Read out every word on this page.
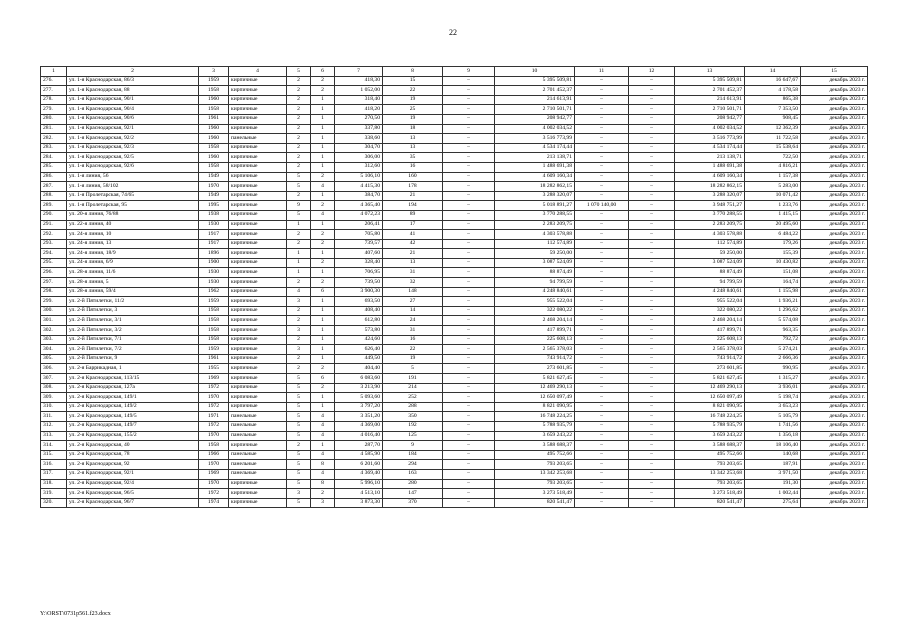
22
1	2	3	4	5	6	7	8	9	10	11	12	13	14	15
276.	ул. 1-я Краснодарская, 86/3	1959	кирпичные	2	2	418,30	15	–	5 395 509,81	–	–	5 395 509,81	16 647,67	декабрь 2023 г.
277.	ул. 1-я Краснодарская, 88	1958	кирпичные	2	2	1 052,00	22	–	2 701 452,37	–	–	2 701 452,37	4 178,58	декабрь 2023 г.
278.	ул. 1-я Краснодарская, 90/1	1960	кирпичные	2	1	318,40	19	–	214 613,91	–	–	214 613,91	865,38	декабрь 2023 г.
279.	ул. 1-я Краснодарская, 90/4	1958	кирпичные	2	1	418,20	25	–	2 710 501,71	–	–	2 710 501,71	7 353,50	декабрь 2023 г.
280.	ул. 1-я Краснодарская, 90/6	1961	кирпичные	2	1	270,50	19	–	208 942,77	–	–	208 942,77	908,45	декабрь 2023 г.
281.	ул. 1-я Краснодарская, 92/1	1960	кирпичные	2	1	337,80	18	–	4 002 034,52	–	–	4 002 034,52	12 362,39	декабрь 2023 г.
282.	ул. 1-я Краснодарская, 92/2	1960	панельные	2	1	338,60	13	–	3 516 773,99	–	–	3 516 773,99	11 722,58	декабрь 2023 г.
283.	ул. 1-я Краснодарская, 92/3	1958	кирпичные	2	1	304,70	13	–	4 534 174,44	–	–	4 534 174,44	15 538,64	декабрь 2023 г.
284.	ул. 1-я Краснодарская, 92/5	1960	кирпичные	2	1	306,00	35	–	213 138,71	–	–	213 138,71	722,50	декабрь 2023 г.
285.	ул. 1-я Краснодарская, 92/6	1958	кирпичные	2	1	312,60	16	–	1 488 691,38	–	–	1 488 691,38	4 816,21	декабрь 2023 г.
286.	ул. 1-я линия, 56	1949	кирпичные	5	2	5 106,10	160	–	4 609 160,34	–	–	4 609 160,34	1 157,38	декабрь 2023 г.
287.	ул. 1-я линия, 58/102	1970	кирпичные	5	4	4 415,30	178	–	18 282 862,15	–	–	18 282 862,15	5 283,00	декабрь 2023 г.
288.	ул. 1-я Пролетарская, 74/65	1949	кирпичные	2	1	384,70	21	–	3 288 320,07	–	–	3 288 320,07	10 071,42	декабрь 2023 г.
289.	ул. 1-я Пролетарская, 95	1995	кирпичные	9	2	4 365,40	194	–	5 018 891,27	1 070 140,00	–	3 948 751,27	1 233,76	декабрь 2023 г.
290.	ул. 20-я линия, 76/88	1938	кирпичные	5	4	4 072,23	89	–	3 770 288,55	–	–	3 770 288,55	1 415,15	декабрь 2023 г.
291.	ул. 22-я линия, 40	1930	кирпичные	1	1	206,41	17	–	2 283 209,75	–	–	2 283 209,75	20 495,60	декабрь 2023 г.
292.	ул. 24-я линия, 10	1917	кирпичные	2	2	705,80	41	–	4 303 578,88	–	–	4 303 578,88	6 484,22	декабрь 2023 г.
293.	ул. 24-я линия, 13	1917	кирпичные	2	2	739,57	42	–	112 574,89	–	–	112 574,89	179,26	декабрь 2023 г.
294.	ул. 24-я линия, 18/9	1896	кирпичные	1	1	407,60	21	–	59 250,00	–	–	59 250,00	155,39	декабрь 2023 г.
295.	ул. 24-я линия, 6/9	1900	кирпичные	1	2	328,40	13	–	3 087 524,09	–	–	3 087 524,09	10 430,82	декабрь 2023 г.
296.	ул. 28-я линия, 11/6	1930	кирпичные	1	1	706,95	31	–	88 874,49	–	–	88 874,49	151,08	декабрь 2023 г.
297.	ул. 28-я линия, 5	1930	кирпичные	2	2	739,50	32	–	94 799,59	–	–	94 799,59	164,74	декабрь 2023 г.
298.	ул. 28-я линия, 59/4	1962	кирпичные	4	6	3 900,30	148	–	4 248 840,61	–	–	4 248 840,61	1 155,98	декабрь 2023 г.
299.	ул. 2-й Пятилетки, 11/2	1959	кирпичные	3	1	693,50	27	–	955 522,04	–	–	955 522,04	1 936,21	декабрь 2023 г.
300.	ул. 2-й Пятилетки, 3	1958	кирпичные	2	1	408,40	14	–	322 080,22	–	–	322 080,22	1 296,62	декабрь 2023 г.
301.	ул. 2-й Пятилетки, 3/1	1958	кирпичные	2	1	612,80	24	–	2 468 204,14	–	–	2 468 204,14	5 574,08	декабрь 2023 г.
302.	ул. 2-й Пятилетки, 3/2	1958	кирпичные	3	1	573,80	31	–	417 899,71	–	–	417 899,71	963,35	декабрь 2023 г.
303.	ул. 2-й Пятилетки, 7/1	1958	кирпичные	2	1	424,60	16	–	225 608,13	–	–	225 608,13	792,72	декабрь 2023 г.
304.	ул. 2-й Пятилетки, 7/2	1959	кирпичные	3	1	626,40	22	–	2 565 378,03	–	–	2 565 378,03	5 274,21	декабрь 2023 г.
305.	ул. 2-й Пятилетки, 9	1961	кирпичные	2	1	449,50	19	–	743 914,72	–	–	743 914,72	2 666,36	декабрь 2023 г.
306.	ул. 2-я Баррикадная, 1	1955	кирпичные	2	2	404,40	5	–	273 601,85	–	–	273 601,85	990,95	декабрь 2023 г.
307.	ул. 2-я Краснодарская, 113/15	1969	кирпичные	5	6	6 083,60	191	–	5 821 627,45	–	–	5 821 627,45	1 315,27	декабрь 2023 г.
308.	ул. 2-я Краснодарская, 127а	1972	кирпичные	5	2	3 213,90	214	–	12 469 290,13	–	–	12 469 290,13	3 936,01	декабрь 2023 г.
309.	ул. 2-я Краснодарская, 149/1	1970	кирпичные	5	1	5 093,60	252	–	12 650 097,49	–	–	12 650 097,49	5 198,74	декабрь 2023 г.
310.	ул. 2-я Краснодарская, 149/2	1972	кирпичные	5	1	3 797,20	288	–	8 821 090,95	–	–	8 821 090,95	3 653,23	декабрь 2023 г.
311.	ул. 2-я Краснодарская, 149/5	1971	панельные	5	4	3 351,20	350	–	16 748 224,25	–	–	16 748 224,25	5 105,79	декабрь 2023 г.
312.	ул. 2-я Краснодарская, 149/7	1972	панельные	5	4	4 369,00	192	–	5 788 935,79	–	–	5 788 935,79	1 741,56	декабрь 2023 г.
313.	ул. 2-я Краснодарская, 155/2	1970	панельные	5	4	4 016,40	125	–	3 659 243,22	–	–	3 659 243,22	1 356,18	декабрь 2023 г.
314.	ул. 2-я Краснодарская, 40	1958	кирпичные	2	1	287,70	9	–	3 588 688,37	–	–	3 588 688,37	18 106,40	декабрь 2023 г.
315.	ул. 2-я Краснодарская, 78	1966	панельные	5	4	4 585,90	184	–	495 752,66	–	–	495 752,66	140,68	декабрь 2023 г.
316.	ул. 2-я Краснодарская, 92	1970	панельные	5	8	6 201,60	294	–	793 203,65	–	–	793 203,65	187,91	декабрь 2023 г.
317.	ул. 2-я Краснодарская, 92/1	1969	панельные	5	4	4 369,40	163	–	13 342 253,68	–	–	13 342 253,68	3 971,50	декабрь 2023 г.
318.	ул. 2-я Краснодарская, 92/4	1970	кирпичные	5	8	5 996,10	280	–	793 203,65	–	–	793 203,65	191,30	декабрь 2023 г.
319.	ул. 2-я Краснодарская, 96/5	1972	кирпичные	3	2	4 513,10	147	–	3 273 518,49	–	–	3 273 518,49	1 002,44	декабрь 2023 г.
320.	ул. 2-я Краснодарская, 96/7	1974	кирпичные	5	3	3 873,30	370	–	820 541,47	–	–	820 541,47	275,64	декабрь 2023 г.
Y:\ORST\0731p561.f23.docx
